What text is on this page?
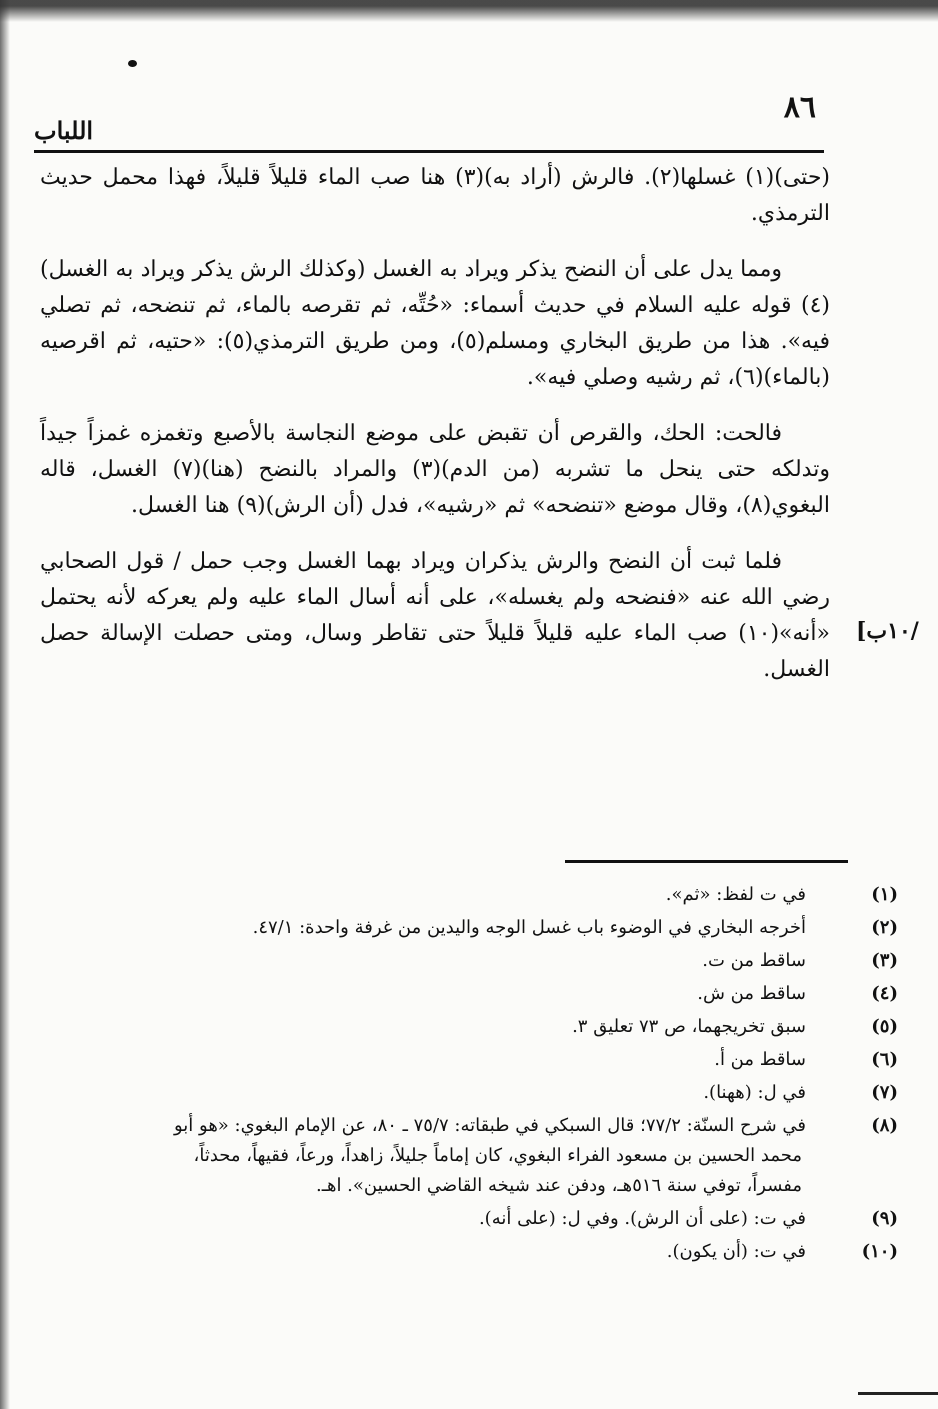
٨٦
اللباب
/١٠ب]

(حتى)(١) غسلها(٢). فالرش (أراد به)(٣) هنا صب الماء قليلاً قليلاً، فهذا محمل حديث الترمذي.

ومما يدل على أن النضح يذكر ويراد به الغسل (وكذلك الرش يذكر ويراد به الغسل)(٤) قوله عليه السلام في حديث أسماء: «حُتِّه، ثم تقرصه بالماء، ثم تنضحه، ثم تصلي فيه». هذا من طريق البخاري ومسلم(٥)، ومن طريق الترمذي(٥): «حتيه، ثم اقرصيه (بالماء)(٦)، ثم رشيه وصلي فيه».

فالحت: الحك، والقرص أن تقبض على موضع النجاسة بالأصبع وتغمزه غمزاً جيداً وتدلكه حتى ينحل ما تشربه (من الدم)(٣) والمراد بالنضح (هنا)(٧) الغسل، قاله البغوي(٨)، وقال موضع «تنضحه» ثم «رشيه»، فدل (أن الرش)(٩) هنا الغسل.

فلما ثبت أن النضح والرش يذكران ويراد بهما الغسل وجب حمل / قول الصحابي رضي الله عنه «فنضحه ولم يغسله»، على أنه أسال الماء عليه ولم يعركه لأنه يحتمل «أنه»(١٠) صب الماء عليه قليلاً قليلاً حتى تقاطر وسال، ومتى حصلت الإسالة حصل الغسل.

(١)في ت لفظ: «ثم».
(٢)أخرجه البخاري في الوضوء باب غسل الوجه واليدين من غرفة واحدة: ٤٧/١.
(٣)ساقط من ت.
(٤)ساقط من ش.
(٥)سبق تخريجهما، ص ٧٣ تعليق ٣.
(٦)ساقط من أ.
(٧)في ل: (ههنا).
(٨)في شرح السنّة: ٧٧/٢؛ قال السبكي في طبقاته: ٧٥/٧ ـ ٨٠، عن الإمام البغوي: «هو أبو محمد الحسين بن مسعود الفراء البغوي، كان إماماً جليلاً، زاهداً، ورعاً، فقيهاً، محدثاً، مفسراً، توفي سنة ٥١٦هـ، ودفن عند شيخه القاضي الحسين». اهـ.
(٩)في ت: (على أن الرش). وفي ل: (على أنه).
(١٠)في ت: (أن يكون).
